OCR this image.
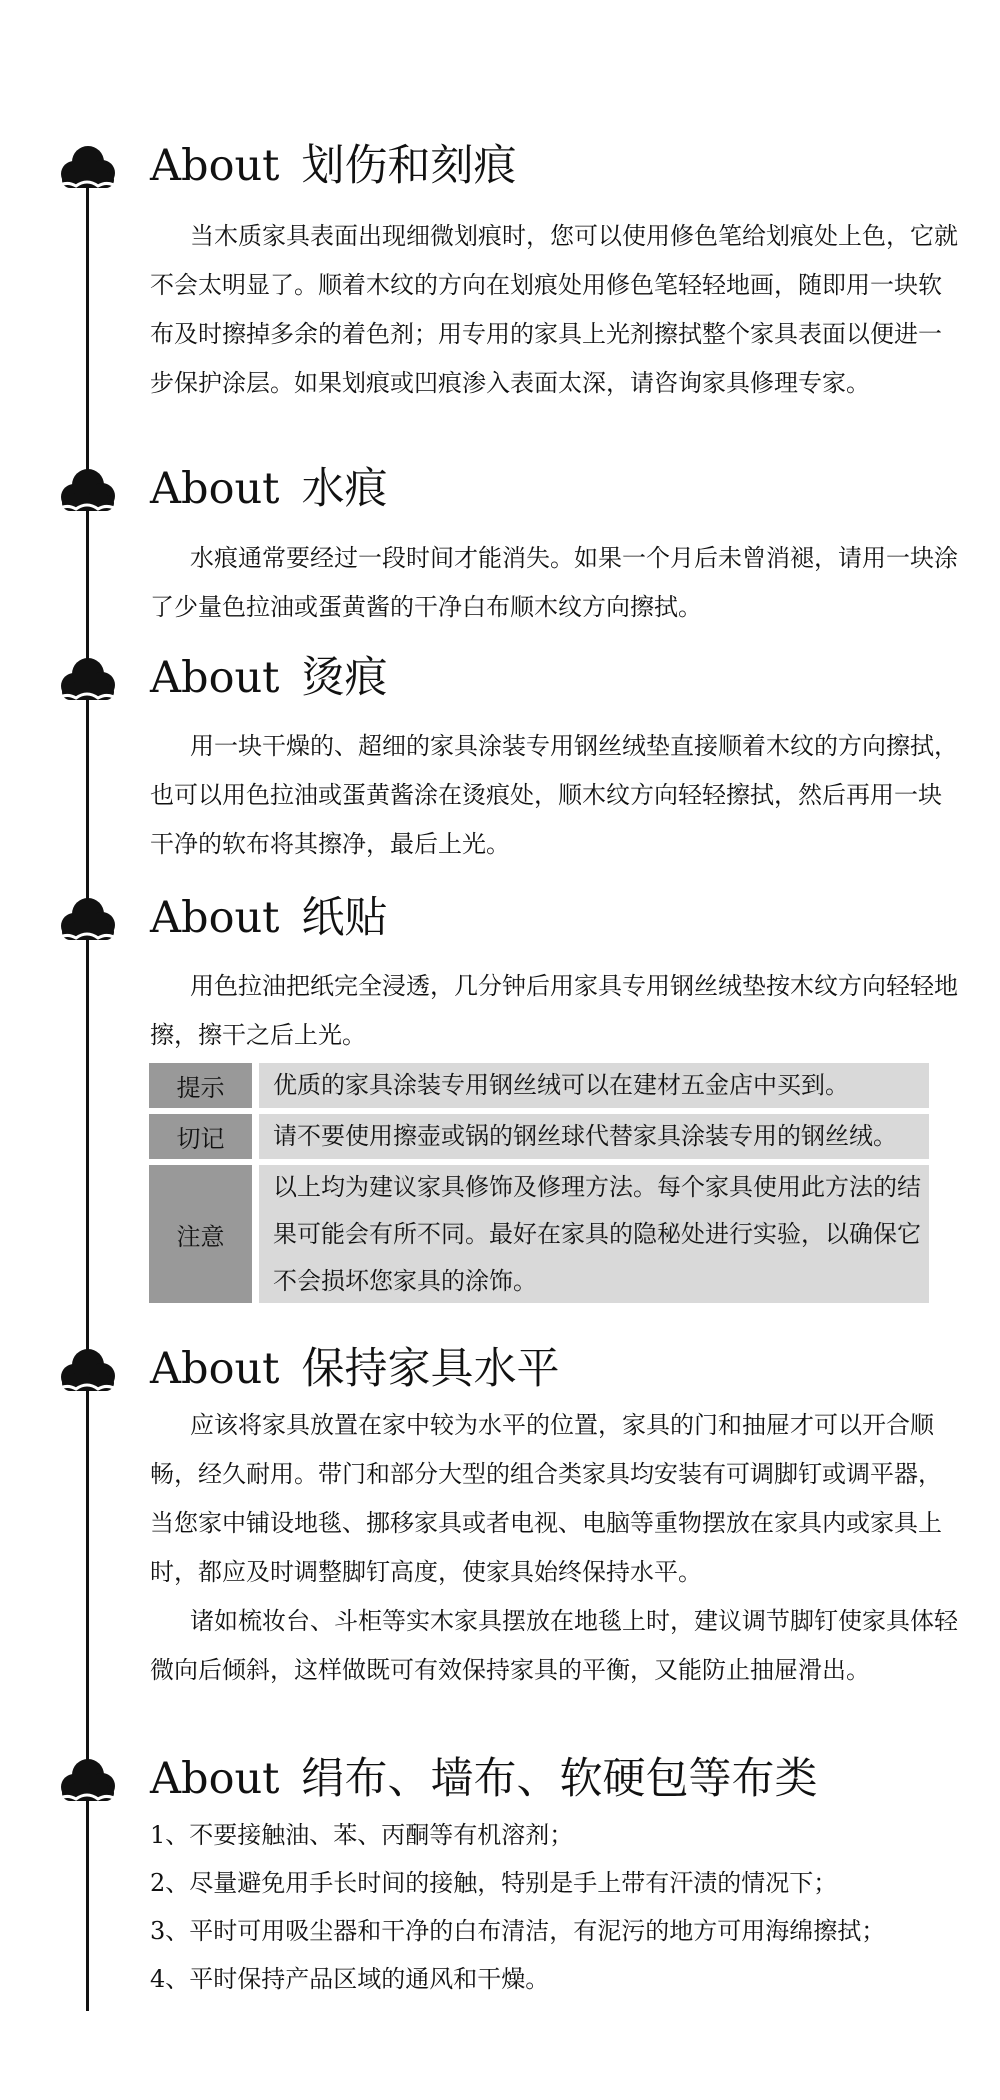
About 划伤和刻痕

当木质家具表面出现细微划痕时，您可以使用修色笔给划痕处上色，它就不会太明显了。顺着木纹的方向在划痕处用修色笔轻轻地画，随即用一块软布及时擦掉多余的着色剂；用专用的家具上光剂擦拭整个家具表面以便进一步保护涂层。如果划痕或凹痕渗入表面太深，请咨询家具修理专家。

About 水痕

水痕通常要经过一段时间才能消失。如果一个月后未曾消褪，请用一块涂了少量色拉油或蛋黄酱的干净白布顺木纹方向擦拭。

About 烫痕

用一块干燥的、超细的家具涂装专用钢丝绒垫直接顺着木纹的方向擦拭，也可以用色拉油或蛋黄酱涂在烫痕处，顺木纹方向轻轻擦拭，然后再用一块干净的软布将其擦净，最后上光。

About 纸贴

用色拉油把纸完全浸透，几分钟后用家具专用钢丝绒垫按木纹方向轻轻地擦，擦干之后上光。

提示	优质的家具涂装专用钢丝绒可以在建材五金店中买到。
切记	请不要使用擦壶或锅的钢丝球代替家具涂装专用的钢丝绒。
注意
以上均为建议家具修饰及修理方法。每个家具使用此方法的结果可能会有所不同。最好在家具的隐秘处进行实验，以确保它不会损坏您家具的涂饰。
About 保持家具水平

应该将家具放置在家中较为水平的位置，家具的门和抽屉才可以开合顺畅，经久耐用。带门和部分大型的组合类家具均安装有可调脚钉或调平器，当您家中铺设地毯、挪移家具或者电视、电脑等重物摆放在家具内或家具上时，都应及时调整脚钉高度，使家具始终保持水平。

诸如梳妆台、斗柜等实木家具摆放在地毯上时，建议调节脚钉使家具体轻微向后倾斜，这样做既可有效保持家具的平衡，又能防止抽屉滑出。

About 绢布、墙布、软硬包等布类
1、不要接触油、苯、丙酮等有机溶剂；
2、尽量避免用手长时间的接触，特别是手上带有汗渍的情况下；
3、平时可用吸尘器和干净的白布清洁，有泥污的地方可用海绵擦拭；
4、平时保持产品区域的通风和干燥。
